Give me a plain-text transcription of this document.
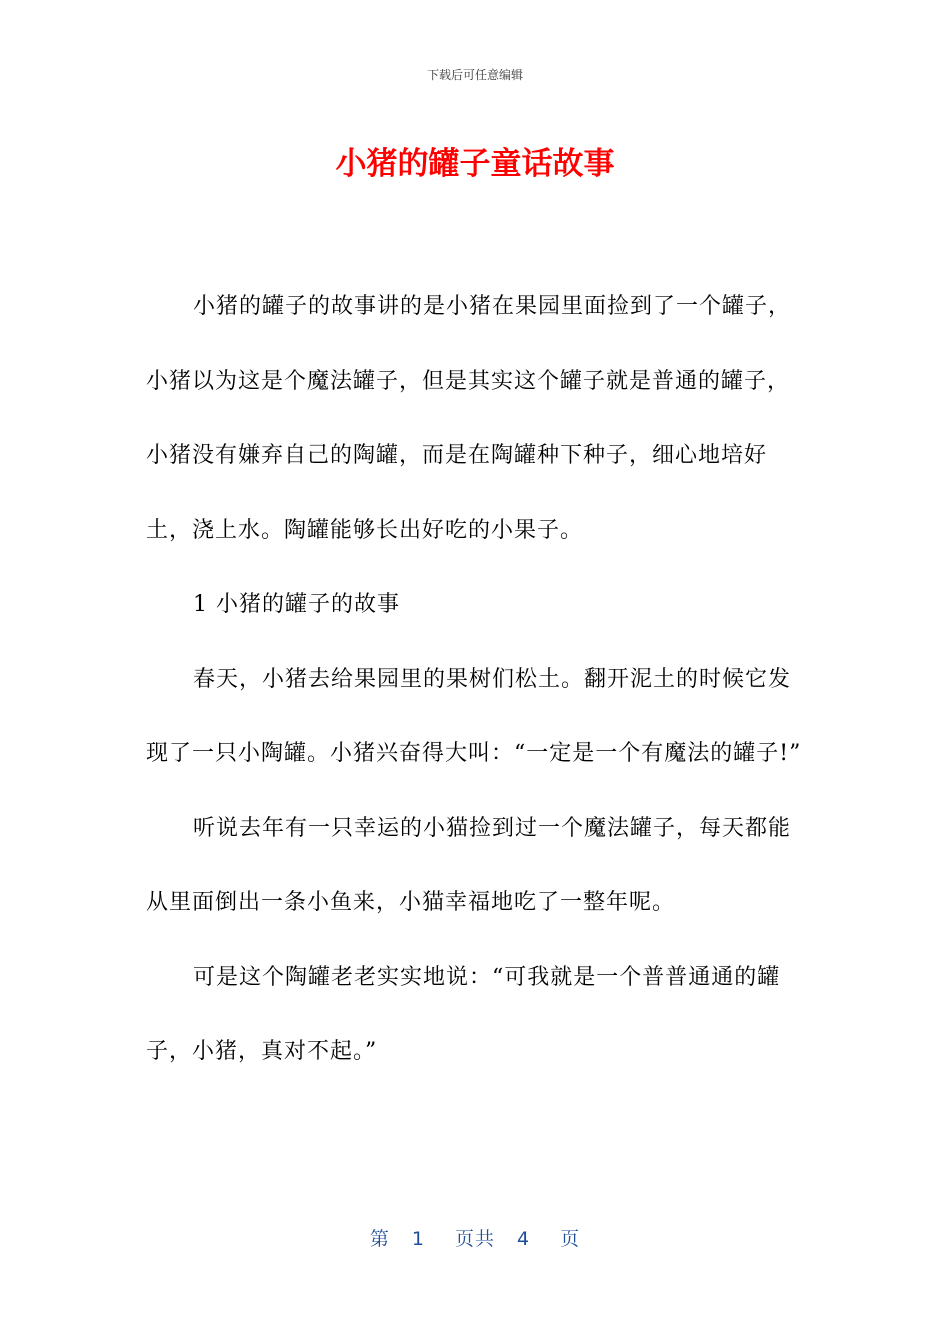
下载后可任意编辑
小猪的罐子童话故事

小猪的罐子的故事讲的是小猪在果园里面捡到了一个罐子，小猪以为这是个魔法罐子，但是其实这个罐子就是普通的罐子，小猪没有嫌弃自己的陶罐，而是在陶罐种下种子，细心地培好土，浇上水。陶罐能够长出好吃的小果子。

1 小猪的罐子的故事

春天，小猪去给果园里的果树们松土。翻开泥土的时候它发现了一只小陶罐。小猪兴奋得大叫：“一定是一个有魔法的罐子!”

听说去年有一只幸运的小猫捡到过一个魔法罐子，每天都能从里面倒出一条小鱼来，小猫幸福地吃了一整年呢。

可是这个陶罐老老实实地说：“可我就是一个普普通通的罐子，小猪，真对不起。”

第 1 页共 4 页
